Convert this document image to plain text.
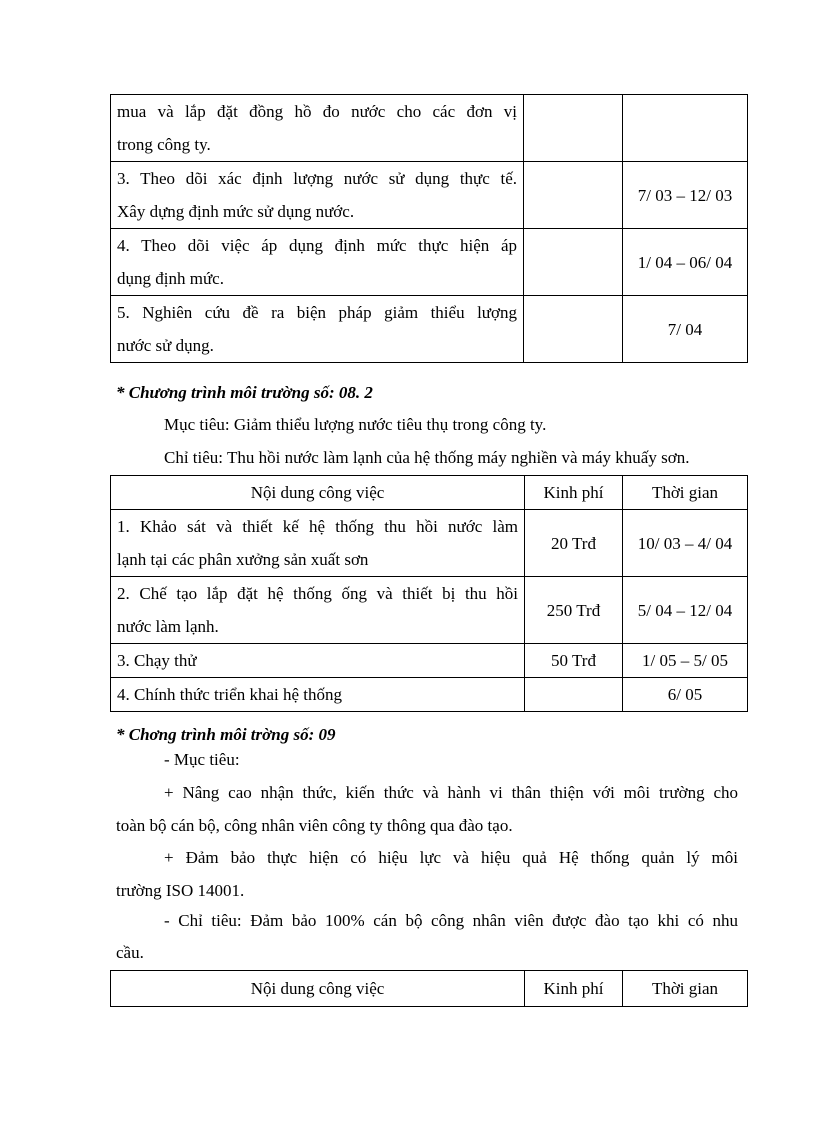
mua và lắp đặt đồng hồ đo nước cho các đơn vị
trong công ty.		

3. Theo dõi xác định lượng nước sử dụng thực tế.
Xây dựng định mức sử dụng nước.		7/ 03 – 12/ 03

4. Theo dõi việc áp dụng định mức thực hiện áp
dụng định mức.		1/ 04 – 06/ 04

5. Nghiên cứu đề ra biện pháp giảm thiểu lượng
nước sử dụng.		7/ 04
* Chương trình môi trường số: 08. 2
Mục tiêu: Giảm thiểu lượng nước tiêu thụ trong công ty.
Chỉ tiêu: Thu hồi nước làm lạnh của hệ thống máy nghiền và máy khuấy sơn.
Nội dung công việc	Kinh phí	Thời gian

1. Khảo sát và thiết kế hệ thống thu hồi nước làm
lạnh tại các phân xưởng sản xuất sơn	20 Trđ	10/ 03 – 4/ 04

2. Chế tạo lắp đặt hệ thống ống và thiết bị thu hồi
nước làm lạnh.	250 Trđ	5/ 04 – 12/ 04

3. Chạy thử	50 Trđ	1/ 05 – 5/ 05

4. Chính thức triển khai hệ thống		6/ 05
* Chơng trình môi trờng số: 09
- Mục tiêu:
+ Nâng cao nhận thức, kiến thức và hành vi thân thiện với môi trường cho
toàn bộ cán bộ, công nhân viên công ty thông qua đào tạo.
+ Đảm bảo thực hiện có hiệu lực và hiệu quả Hệ thống quản lý môi
trường ISO 14001.
- Chỉ tiêu: Đảm bảo 100% cán bộ công nhân viên được đào tạo khi có nhu
cầu.
Nội dung công việc	Kinh phí	Thời gian
